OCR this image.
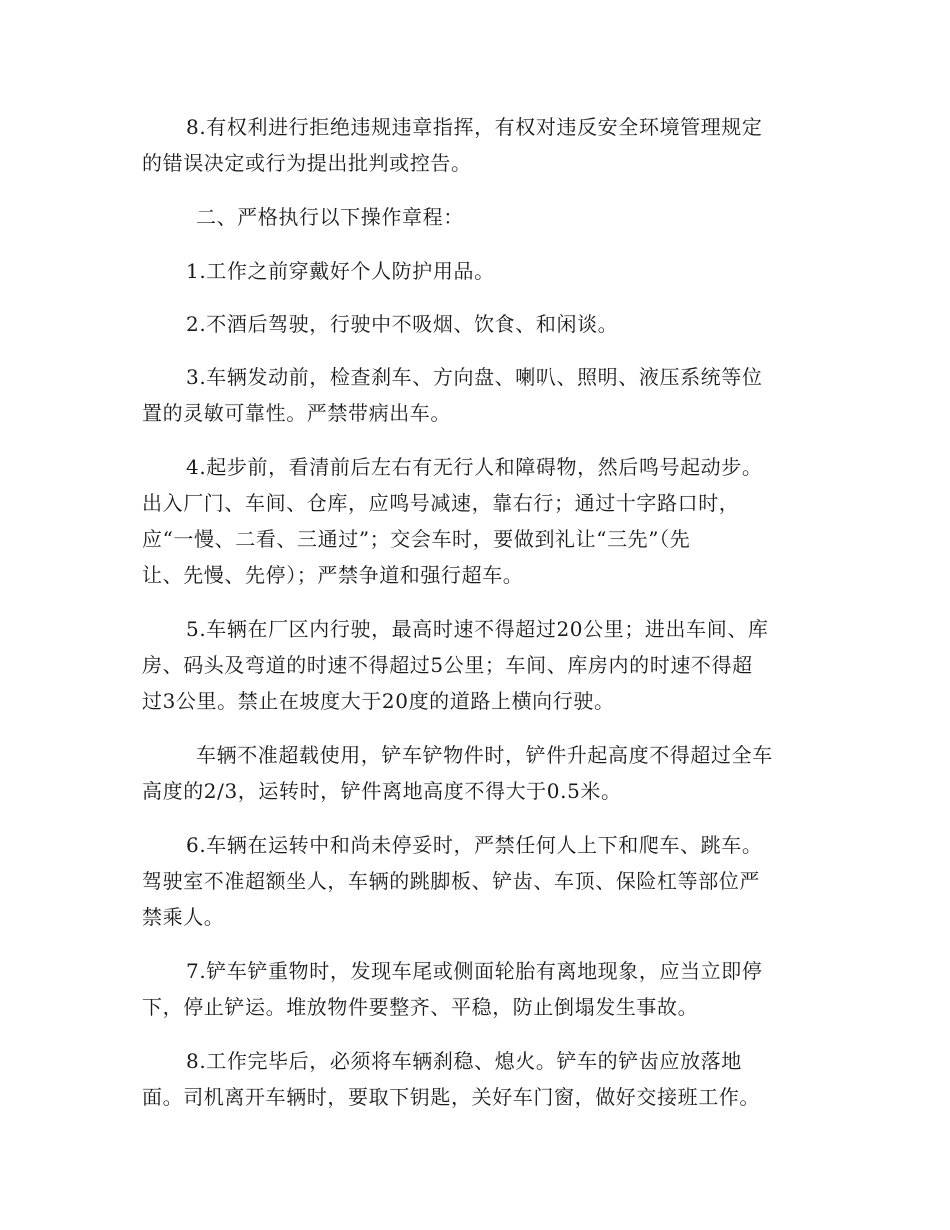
8.有权利进行拒绝违规违章指挥，有权对违反安全环境管理规定
的错误决定或行为提出批判或控告。
二、严格执行以下操作章程：
1.工作之前穿戴好个人防护用品。
2.不酒后驾驶，行驶中不吸烟、饮食、和闲谈。
3.车辆发动前，检查刹车、方向盘、喇叭、照明、液压系统等位
置的灵敏可靠性。严禁带病出车。
4.起步前，看清前后左右有无行人和障碍物，然后鸣号起动步。
出入厂门、车间、仓库，应鸣号减速，靠右行；通过十字路口时，
应“一慢、二看、三通过”；交会车时，要做到礼让“三先”（先
让、先慢、先停）；严禁争道和强行超车。
5.车辆在厂区内行驶，最高时速不得超过20公里；进出车间、库
房、码头及弯道的时速不得超过5公里；车间、库房内的时速不得超
过3公里。禁止在坡度大于20度的道路上横向行驶。
车辆不准超载使用，铲车铲物件时，铲件升起高度不得超过全车
高度的2/3，运转时，铲件离地高度不得大于0.5米。
6.车辆在运转中和尚未停妥时，严禁任何人上下和爬车、跳车。
驾驶室不准超额坐人，车辆的跳脚板、铲齿、车顶、保险杠等部位严
禁乘人。
7.铲车铲重物时，发现车尾或侧面轮胎有离地现象，应当立即停
下，停止铲运。堆放物件要整齐、平稳，防止倒塌发生事故。
8.工作完毕后，必须将车辆刹稳、熄火。铲车的铲齿应放落地
面。司机离开车辆时，要取下钥匙，关好车门窗，做好交接班工作。
